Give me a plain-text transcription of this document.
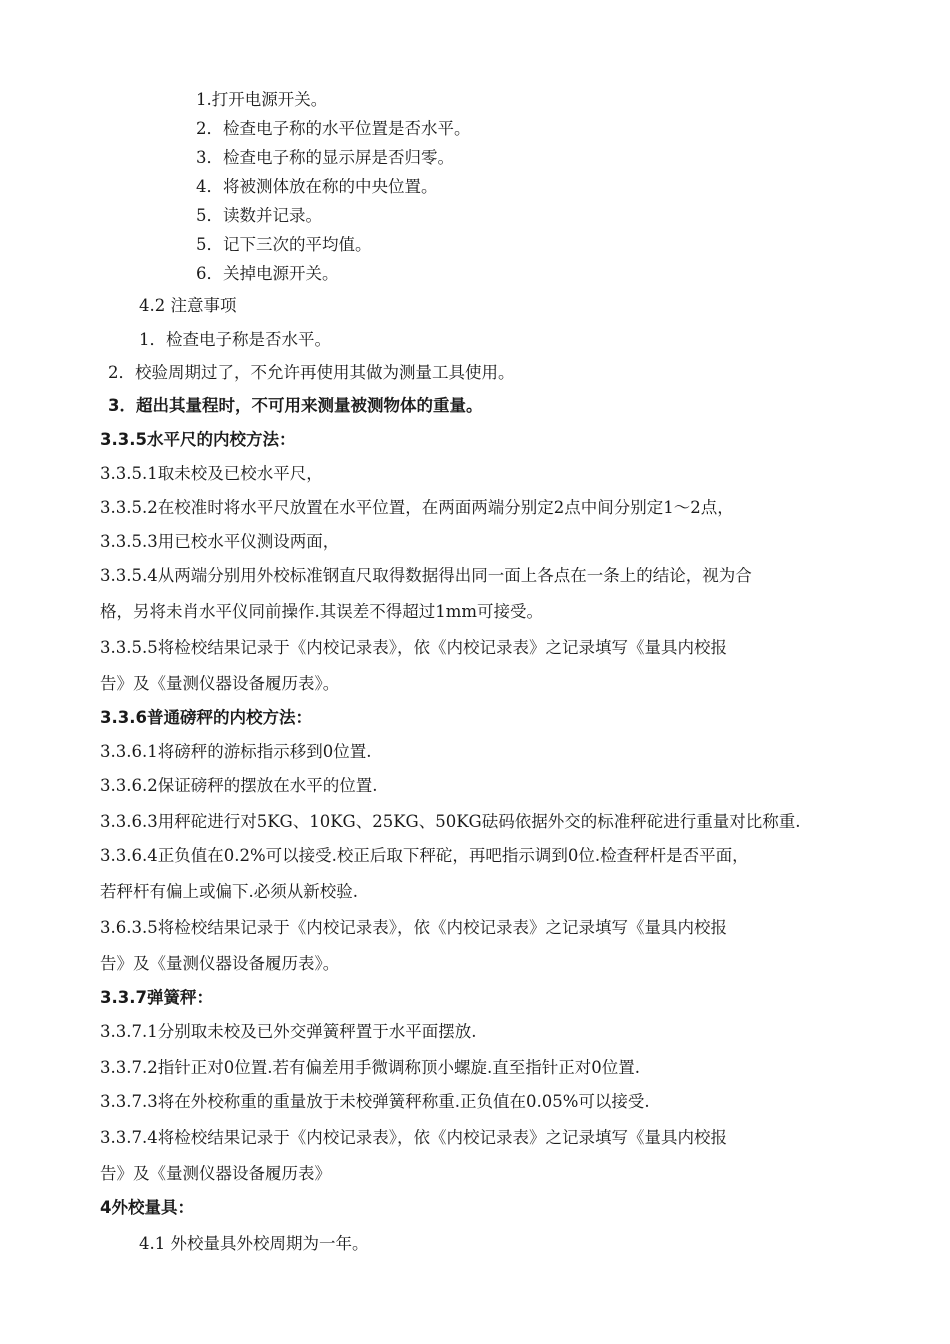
1.打开电源开关。
2．检查电子称的水平位置是否水平。
3．检查电子称的显示屏是否归零。
4．将被测体放在称的中央位置。
5．读数并记录。
5．记下三次的平均值。
6．关掉电源开关。
4.2 注意事项
1．检查电子称是否水平。
2．校验周期过了，不允许再使用其做为测量工具使用。
3．超出其量程时，不可用来测量被测物体的重量。
3.3.5水平尺的内校方法：
3.3.5.1取未校及已校水平尺，
3.3.5.2在校准时将水平尺放置在水平位置，在两面两端分别定2点中间分别定1～2点，
3.3.5.3用已校水平仪测设两面，
3.3.5.4从两端分别用外校标准钢直尺取得数据得出同一面上各点在一条上的结论，视为合
格，另将未肖水平仪同前操作.其误差不得超过1mm可接受。
3.3.5.5将检校结果记录于《内校记录表》，依《内校记录表》之记录填写《量具内校报
告》及《量测仪器设备履历表》。
3.3.6普通磅秤的内校方法：
3.3.6.1将磅秤的游标指示移到0位置.
3.3.6.2保证磅秤的摆放在水平的位置.
3.3.6.3用秤砣进行对5KG、10KG、25KG、50KG砝码依据外交的标准秤砣进行重量对比称重.
3.3.6.4正负值在0.2%可以接受.校正后取下秤砣，再吧指示调到0位.检查秤杆是否平面，
若秤杆有偏上或偏下.必须从新校验.
3.6.3.5将检校结果记录于《内校记录表》，依《内校记录表》之记录填写《量具内校报
告》及《量测仪器设备履历表》。
3.3.7弹簧秤：
3.3.7.1分别取未校及已外交弹簧秤置于水平面摆放.
3.3.7.2指针正对0位置.若有偏差用手微调称顶小螺旋.直至指针正对0位置.
3.3.7.3将在外校称重的重量放于未校弹簧秤称重.正负值在0.05%可以接受.
3.3.7.4将检校结果记录于《内校记录表》，依《内校记录表》之记录填写《量具内校报
告》及《量测仪器设备履历表》
4外校量具：
4.1 外校量具外校周期为一年。
